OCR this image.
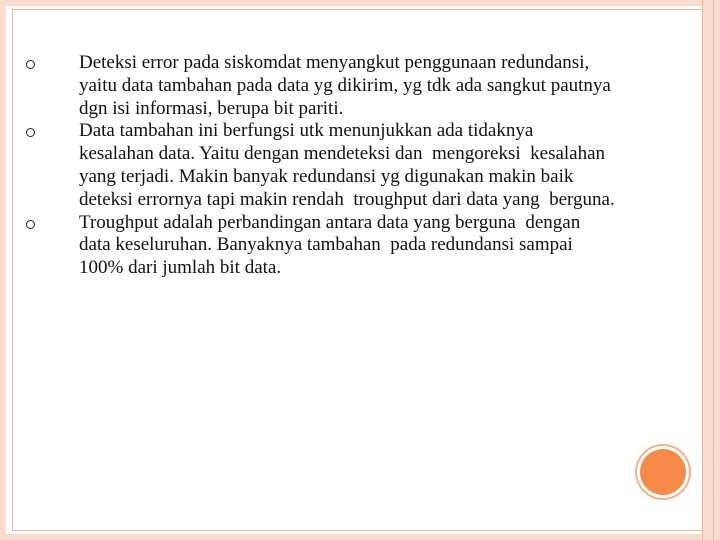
Deteksi error pada siskomdat menyangkut penggunaan redundansi,
yaitu data tambahan pada data yg dikirim, yg tdk ada sangkut pautnya
dgn isi informasi, berupa bit pariti.
Data tambahan ini berfungsi utk menunjukkan ada tidaknya
kesalahan data. Yaitu dengan mendeteksi dan  mengoreksi  kesalahan
yang terjadi. Makin banyak redundansi yg digunakan makin baik
deteksi errornya tapi makin rendah  troughput dari data yang  berguna.
Troughput adalah perbandingan antara data yang berguna  dengan
data keseluruhan. Banyaknya tambahan  pada redundansi sampai
100% dari jumlah bit data.
